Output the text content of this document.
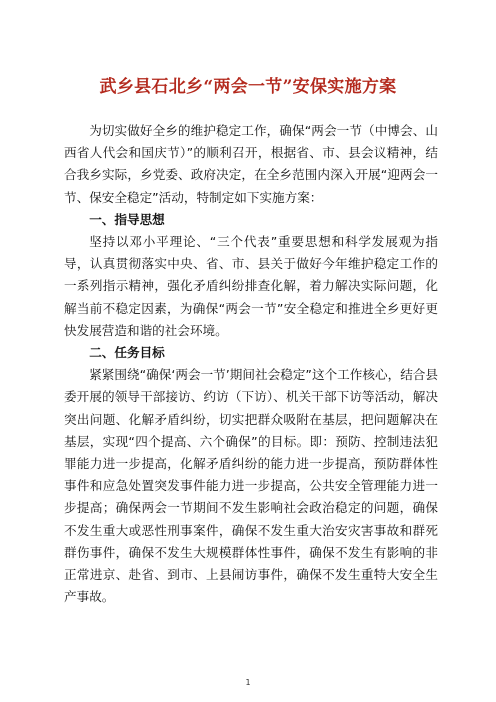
武乡县石北乡“两会一节”安保实施方案

为切实做好全乡的维护稳定工作，确保“两会一节（中博会、山西省人代会和国庆节）”的顺利召开，根据省、市、县会议精神，结合我乡实际，乡党委、政府决定，在全乡范围内深入开展“迎两会一节、保安全稳定”活动，特制定如下实施方案：

一、指导思想

坚持以邓小平理论、“三个代表”重要思想和科学发展观为指导，认真贯彻落实中央、省、市、县关于做好今年维护稳定工作的一系列指示精神，强化矛盾纠纷排查化解，着力解决实际问题，化解当前不稳定因素，为确保“两会一节”安全稳定和推进全乡更好更快发展营造和谐的社会环境。

二、任务目标

紧紧围绕“确保‘两会一节’期间社会稳定”这个工作核心，结合县委开展的领导干部接访、约访（下访）、机关干部下访等活动，解决突出问题、化解矛盾纠纷，切实把群众吸附在基层，把问题解决在基层，实现“四个提高、六个确保”的目标。即：预防、控制违法犯罪能力进一步提高，化解矛盾纠纷的能力进一步提高，预防群体性事件和应急处置突发事件能力进一步提高，公共安全管理能力进一步提高；确保两会一节期间不发生影响社会政治稳定的问题，确保不发生重大或恶性刑事案件，确保不发生重大治安灾害事故和群死群伤事件，确保不发生大规模群体性事件，确保不发生有影响的非正常进京、赴省、到市、上县闹访事件，确保不发生重特大安全生产事故。

1
